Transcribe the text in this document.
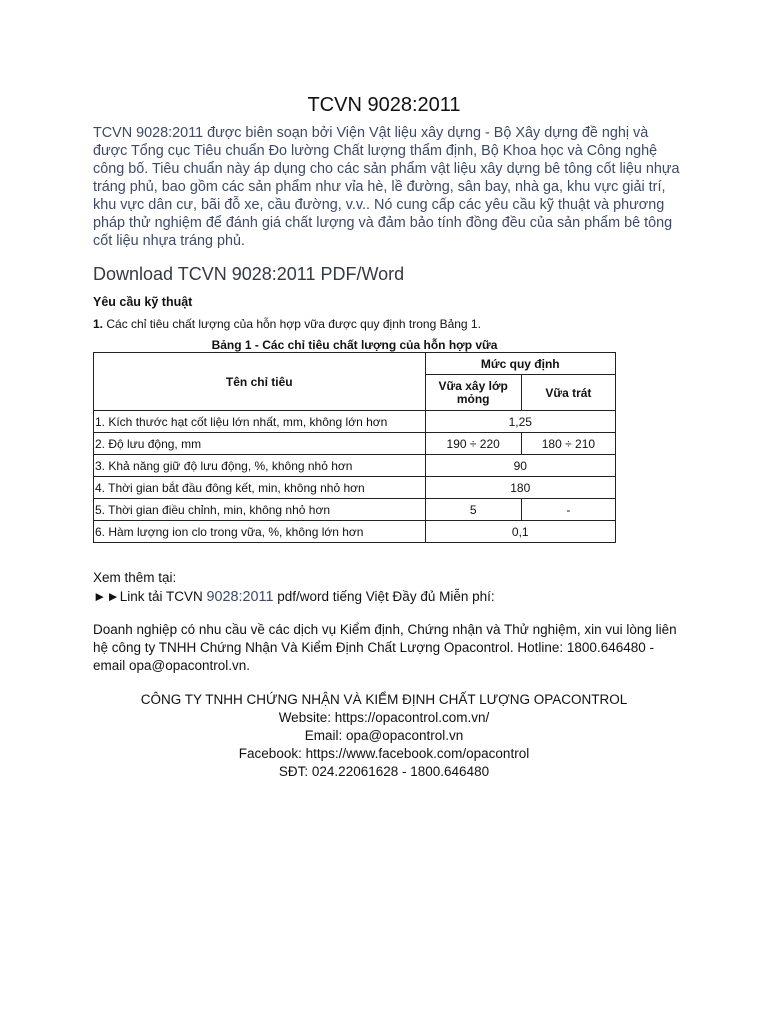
TCVN 9028:2011
TCVN 9028:2011 được biên soạn bởi Viện Vật liệu xây dựng - Bộ Xây dựng đề nghị và được Tổng cục Tiêu chuẩn Đo lường Chất lượng thẩm định, Bộ Khoa học và Công nghệ công bố. Tiêu chuẩn này áp dụng cho các sản phẩm vật liệu xây dựng bê tông cốt liệu nhựa tráng phủ, bao gồm các sản phẩm như vỉa hè, lề đường, sân bay, nhà ga, khu vực giải trí, khu vực dân cư, bãi đỗ xe, cầu đường, v.v.. Nó cung cấp các yêu cầu kỹ thuật và phương pháp thử nghiệm để đánh giá chất lượng và đảm bảo tính đồng đều của sản phẩm bê tông cốt liệu nhựa tráng phủ.
Download TCVN 9028:2011 PDF/Word
Yêu cầu kỹ thuật
1. Các chỉ tiêu chất lượng của hỗn hợp vữa được quy định trong Bảng 1.
Bảng 1 - Các chỉ tiêu chất lượng của hỗn hợp vữa
Tên chỉ tiêu	Mức quy định	
	Vữa xây lớp mỏng	Vữa trát
1. Kích thước hạt cốt liệu lớn nhất, mm, không lớn hơn	1,25	
2. Độ lưu động, mm	190 ÷ 220	180 ÷ 210
3. Khả năng giữ độ lưu động, %, không nhỏ hơn	90	
4. Thời gian bắt đầu đông kết, min, không nhỏ hơn	180	
5. Thời gian điều chỉnh, min, không nhỏ hơn	5	-
6. Hàm lượng ion clo trong vữa, %, không lớn hơn	0,1	
Xem thêm tại:
►►Link tải TCVN 9028:2011 pdf/word tiếng Việt Đầy đủ Miễn phí:
Doanh nghiệp có nhu cầu về các dịch vụ Kiểm định, Chứng nhận và Thử nghiệm, xin vui lòng liên hệ công ty TNHH Chứng Nhận Và Kiểm Định Chất Lượng Opacontrol. Hotline: 1800.646480 - email opa@opacontrol.vn.
CÔNG TY TNHH CHỨNG NHẬN VÀ KIỂM ĐỊNH CHẤT LƯỢNG OPACONTROL
Website: https://opacontrol.com.vn/
Email: opa@opacontrol.vn
Facebook: https://www.facebook.com/opacontrol
SĐT: 024.22061628 - 1800.646480
